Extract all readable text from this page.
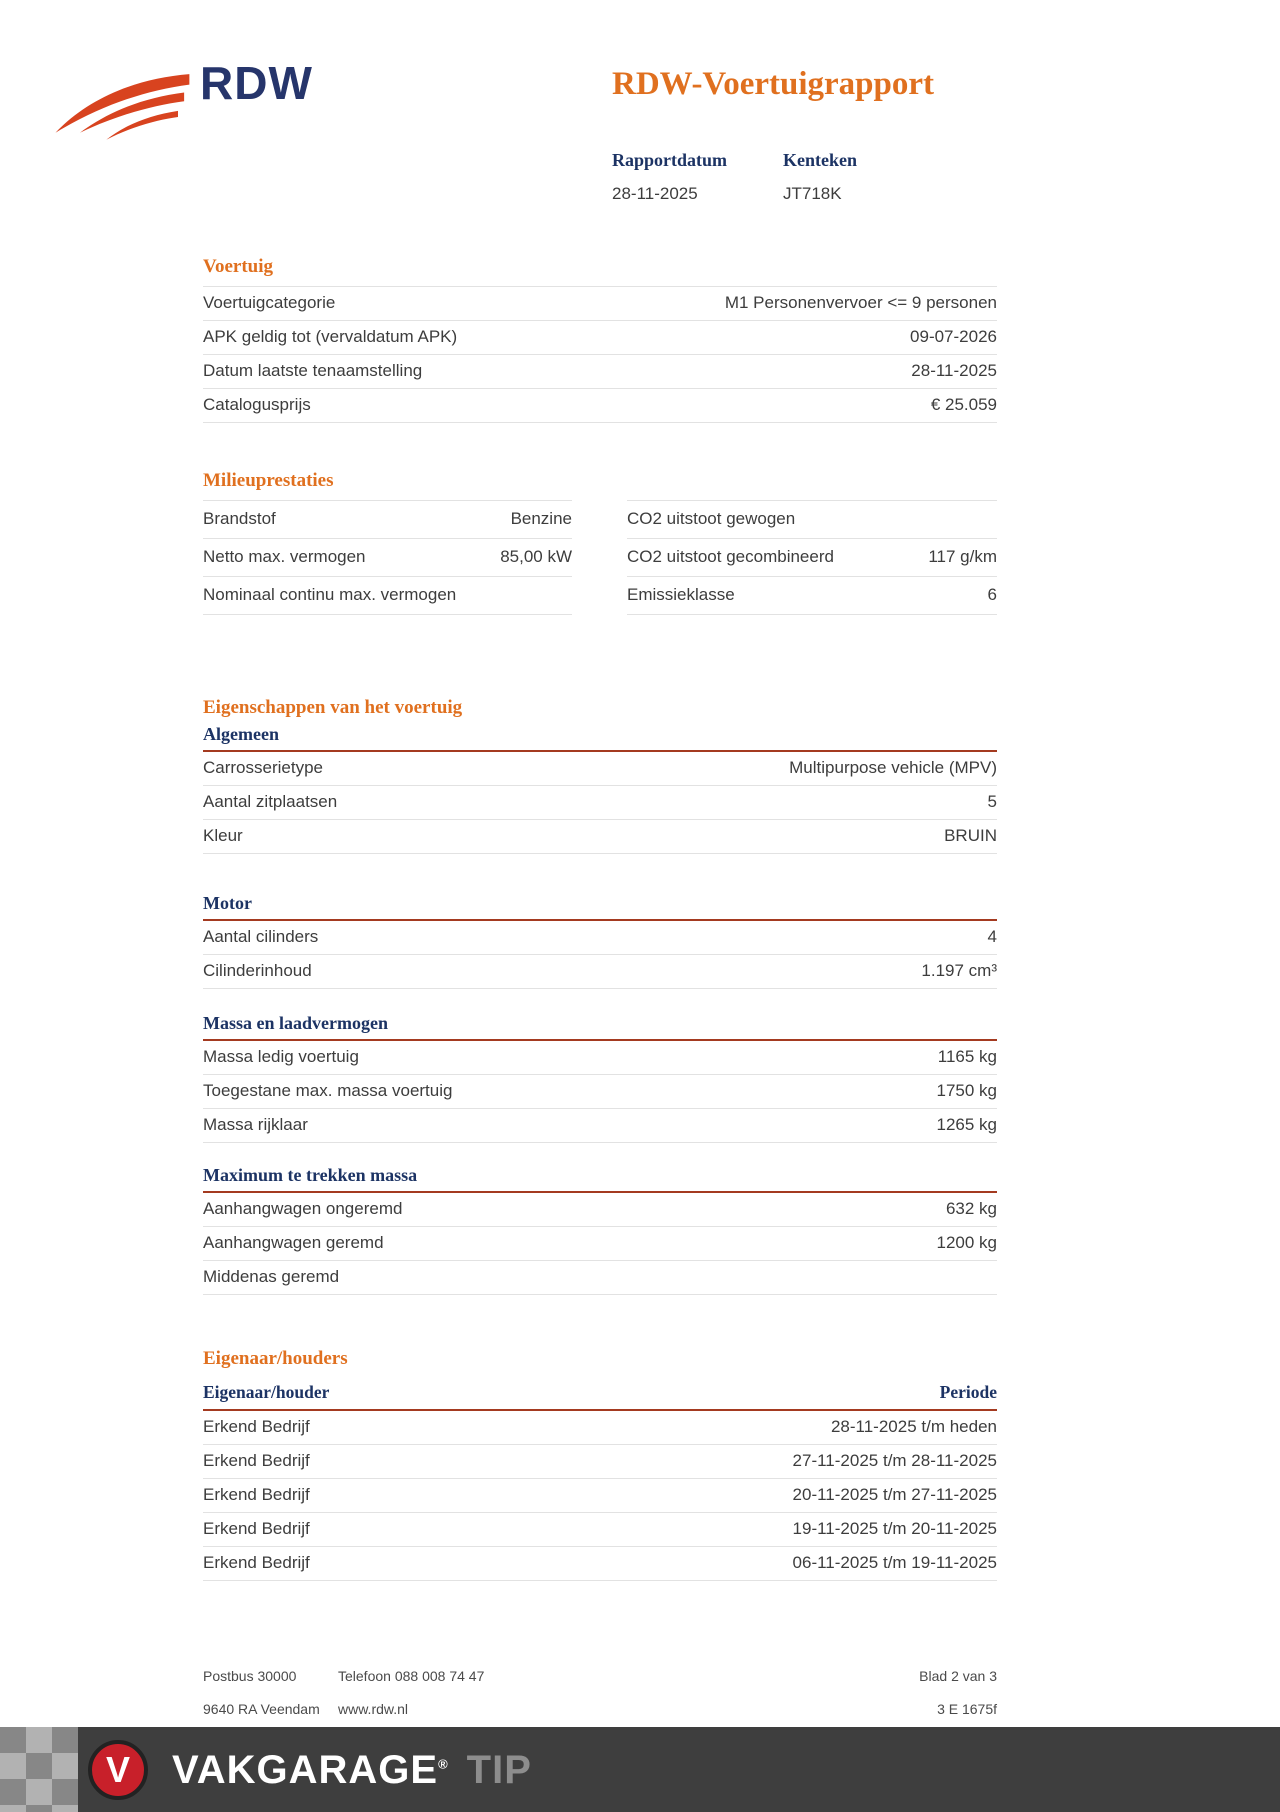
RDW	RDW-Voertuigrapport
Rapportdatum
28-11-2025
Kenteken
JT718K
Voertuig
Voertuigcategorie	M1 Personenvervoer <= 9 personen
APK geldig tot (vervaldatum APK)	09-07-2026
Datum laatste tenaamstelling	28-11-2025
Catalogusprijs	€ 25.059
Milieuprestaties
Brandstof	Benzine
Netto max. vermogen	85,00 kW
Nominaal continu max. vermogen
CO2 uitstoot gewogen
CO2 uitstoot gecombineerd	117 g/km
Emissieklasse	6
Eigenschappen van het voertuig
Algemeen
Carrosserietype	Multipurpose vehicle (MPV)
Aantal zitplaatsen	5
Kleur	BRUIN
Motor
Aantal cilinders	4
Cilinderinhoud	1.197 cm³
Massa en laadvermogen
Massa ledig voertuig	1165 kg
Toegestane max. massa voertuig	1750 kg
Massa rijklaar	1265 kg
Maximum te trekken massa
Aanhangwagen ongeremd	632 kg
Aanhangwagen geremd	1200 kg
Middenas geremd
Eigenaar/houders
Eigenaar/houder	Periode
Erkend Bedrijf	28-11-2025 t/m heden
Erkend Bedrijf	27-11-2025 t/m 28-11-2025
Erkend Bedrijf	20-11-2025 t/m 27-11-2025
Erkend Bedrijf	19-11-2025 t/m 20-11-2025
Erkend Bedrijf	06-11-2025 t/m 19-11-2025
Postbus 30000	Telefoon 088 008 74 47	Blad 2 van 3
9640 RA Veendam www.rdw.nl	3 E 1675f
V	VAKGARAGE® TIP
